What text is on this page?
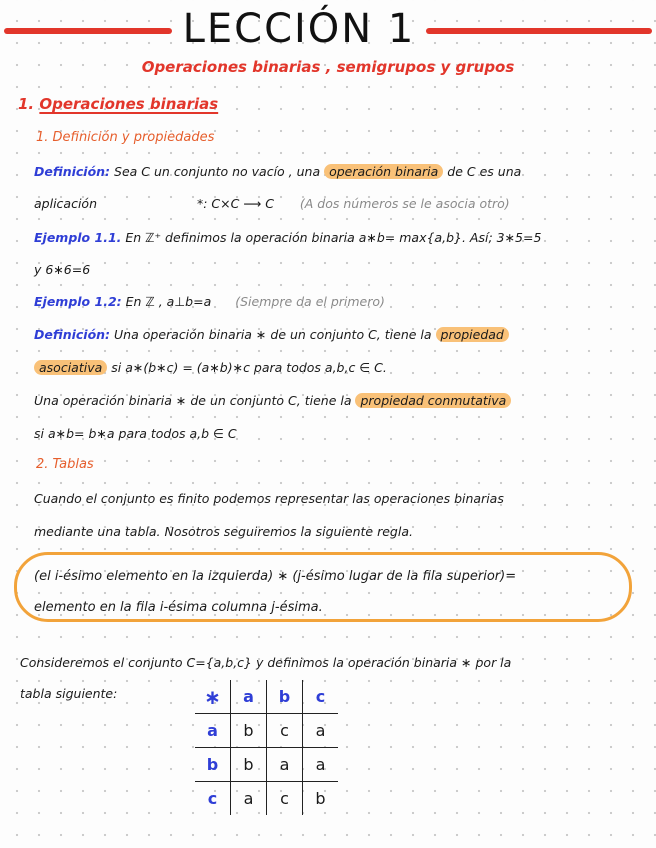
LECCIÓN 1
Operaciones binarias , semigrupos y grupos
1. Operaciones binarias
1. Definición y propiedades
Definición: Sea C un conjunto no vacío , una operación binaria de C es una
aplicación	*: C×C ⟶ C (A dos números se le asocia otro)
Ejemplo 1.1. En ℤ⁺ definimos la operación binaria a∗b= max{a,b}. Así; 3∗5=5
y 6∗6=6
Ejemplo 1.2: En ℤ , a⊥b=a (Siempre da el primero)
Definición: Una operación binaria ∗ de un conjunto C, tiene la propiedad
asociativa si a∗(b∗c) = (a∗b)∗c para todos a,b,c ∈ C.
Una operación binaria ∗ de un conjunto C, tiene la propiedad conmutativa
si a∗b= b∗a para todos a,b ∈ C
2. Tablas
Cuando el conjunto es finito podemos representar las operaciones binarias
mediante una tabla. Nosotros seguiremos la siguiente regla.
(el i-ésimo elemento en la izquierda) ∗ (j-ésimo lugar de la fila superior)=
elemento en la fila i-ésima columna j-ésima.
Consideremos el conjunto C={a,b,c} y definimos la operación binaria ∗ por la
tabla siguiente:	∗	a	b	c
a	b	c	a
b	b	a	a
c	a	c	b
